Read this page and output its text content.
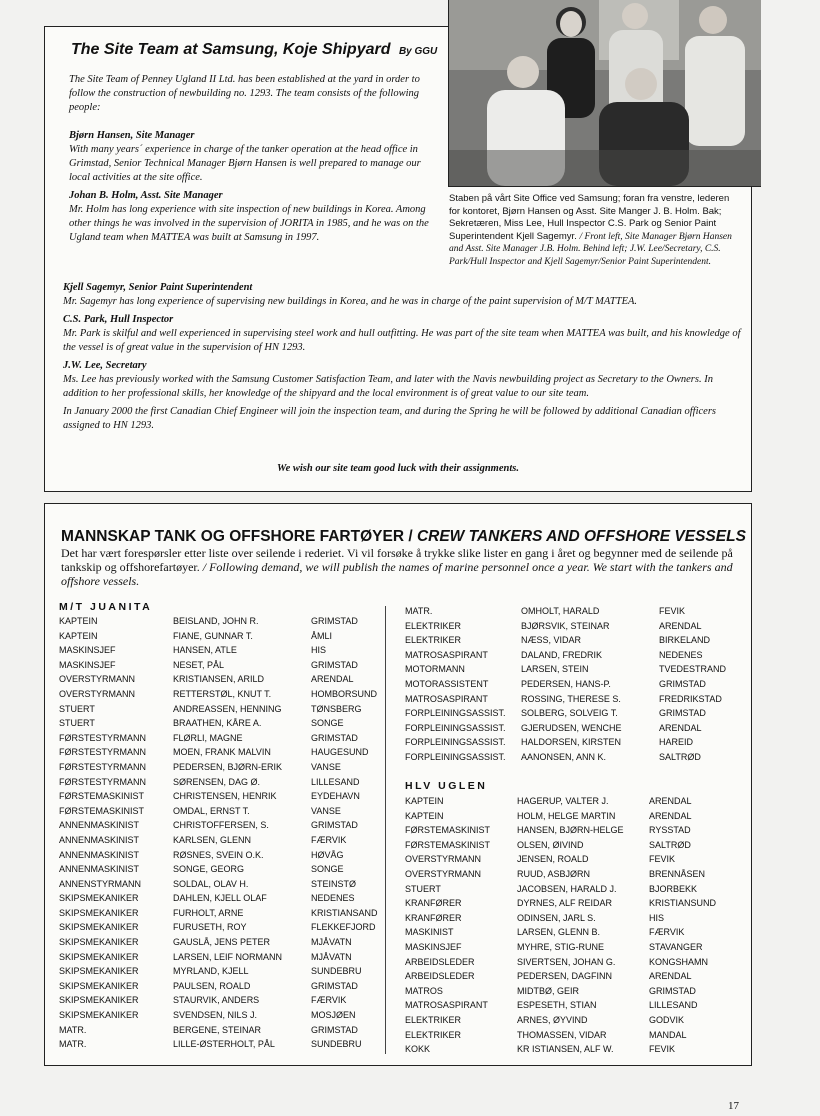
The Site Team at Samsung, Koje Shipyard By GGU
The Site Team of Penney Ugland II Ltd. has been established at the yard in order to follow the construction of newbuilding no. 1293. The team consists of the following people:
Bjørn Hansen, Site Manager
With many years´ experience in charge of the tanker operation at the head office in Grimstad, Senior Technical Manager Bjørn Hansen is well prepared to manage our local activities at the site office.
Johan B. Holm, Asst. Site Manager
Mr. Holm has long experience with site inspection of new buildings in Korea. Among other things he was involved in the supervision of JORITA in 1985, and he was on the Ugland team when MATTEA was built at Samsung in 1997.
Kjell Sagemyr, Senior Paint Superintendent
Mr. Sagemyr has long experience of supervising new buildings in Korea, and he was in charge of the paint supervision of M/T MATTEA.
C.S. Park, Hull Inspector
Mr. Park is skilful and well experienced in supervising steel work and hull outfitting. He was part of the site team when MATTEA was built, and his knowledge of the vessel is of great value in the supervision of HN 1293.
J.W. Lee, Secretary
Ms. Lee has previously worked with the Samsung Customer Satisfaction Team, and later with the Navis newbuilding project as Secretary to the Owners. In addition to her professional skills, her knowledge of the shipyard and the local environment is of great value to our site team.
In January 2000 the first Canadian Chief Engineer will join the inspection team, and during the Spring he will be followed by additional Canadian officers assigned to HN 1293.
We wish our site team good luck with their assignments.
Staben på vårt Site Office ved Samsung; foran fra venstre, lederen for kontoret, Bjørn Hansen og Asst. Site Manger J. B. Holm. Bak; Sekretæren, Miss Lee, Hull Inspector C.S. Park og Senior Paint Superintendent Kjell Sagemyr. / Front left, Site Manager Bjørn Hansen and Asst. Site Manager J.B. Holm. Behind left; J.W. Lee/Secretary, C.S. Park/Hull Inspector and Kjell Sagemyr/Senior Paint Superintendent.
MANNSKAP TANK OG OFFSHORE FARTØYER / CREW TANKERS AND OFFSHORE VESSELS
Det har vært forespørsler etter liste over seilende i rederiet. Vi vil forsøke å trykke slike lister en gang i året og begynner med de seilende på tankskip og offshorefartøyer. / Following demand, we will publish the names of marine personnel once a year. We start with the tankers and offshore vessels.
M/T JUANITA
KAPTEIN
KAPTEIN
MASKINSJEF
MASKINSJEF
OVERSTYRMANN
OVERSTYRMANN
STUERT
STUERT
FØRSTESTYRMANN
FØRSTESTYRMANN
FØRSTESTYRMANN
FØRSTESTYRMANN
FØRSTEMASKINIST
FØRSTEMASKINIST
ANNENMASKINIST
ANNENMASKINIST
ANNENMASKINIST
ANNENMASKINIST
ANNENSTYRMANN
SKIPSMEKANIKER
SKIPSMEKANIKER
SKIPSMEKANIKER
SKIPSMEKANIKER
SKIPSMEKANIKER
SKIPSMEKANIKER
SKIPSMEKANIKER
SKIPSMEKANIKER
SKIPSMEKANIKER
MATR.
MATR.
BEISLAND, JOHN R.
FIANE, GUNNAR T.
HANSEN, ATLE
NESET, PÅL
KRISTIANSEN, ARILD
RETTERSTØL, KNUT T.
ANDREASSEN, HENNING
BRAATHEN, KÅRE A.
FLØRLI, MAGNE
MOEN, FRANK MALVIN
PEDERSEN, BJØRN-ERIK
SØRENSEN, DAG Ø.
CHRISTENSEN, HENRIK
OMDAL, ERNST T.
CHRISTOFFERSEN, S.
KARLSEN, GLENN
RØSNES, SVEIN O.K.
SONGE, GEORG
SOLDAL, OLAV H.
DAHLEN, KJELL OLAF
FURHOLT, ARNE
FURUSETH, ROY
GAUSLÅ, JENS PETER
LARSEN, LEIF NORMANN
MYRLAND, KJELL
PAULSEN, ROALD
STAURVIK, ANDERS
SVENDSEN, NILS J.
BERGENE, STEINAR
LILLE-ØSTERHOLT, PÅL
GRIMSTAD
ÅMLI
HIS
GRIMSTAD
ARENDAL
HOMBORSUND
TØNSBERG
SONGE
GRIMSTAD
HAUGESUND
VANSE
LILLESAND
EYDEHAVN
VANSE
GRIMSTAD
FÆRVIK
HØVÅG
SONGE
STEINSTØ
NEDENES
KRISTIANSAND
FLEKKEFJORD
MJÅVATN
MJÅVATN
SUNDEBRU
GRIMSTAD
FÆRVIK
MOSJØEN
GRIMSTAD
SUNDEBRU
MATR.
ELEKTRIKER
ELEKTRIKER
MATROSASPIRANT
MOTORMANN
MOTORASSISTENT
MATROSASPIRANT
FORPLEININGSASSIST.
FORPLEININGSASSIST.
FORPLEININGSASSIST.
FORPLEININGSASSIST.
OMHOLT, HARALD
BJØRSVIK, STEINAR
NÆSS, VIDAR
DALAND, FREDRIK
LARSEN, STEIN
PEDERSEN, HANS-P.
ROSSING, THERESE S.
SOLBERG, SOLVEIG T.
GJERUDSEN, WENCHE
HALDORSEN, KIRSTEN
AANONSEN, ANN K.
FEVIK
ARENDAL
BIRKELAND
NEDENES
TVEDESTRAND
GRIMSTAD
FREDRIKSTAD
GRIMSTAD
ARENDAL
HAREID
SALTRØD
HLV UGLEN
KAPTEIN
KAPTEIN
FØRSTEMASKINIST
FØRSTEMASKINIST
OVERSTYRMANN
OVERSTYRMANN
STUERT
KRANFØRER
KRANFØRER
MASKINIST
MASKINSJEF
ARBEIDSLEDER
ARBEIDSLEDER
MATROS
MATROSASPIRANT
ELEKTRIKER
ELEKTRIKER
KOKK
HAGERUP, VALTER J.
HOLM, HELGE MARTIN
HANSEN, BJØRN-HELGE
OLSEN, ØIVIND
JENSEN, ROALD
RUUD, ASBJØRN
JACOBSEN, HARALD J.
DYRNES, ALF REIDAR
ODINSEN, JARL S.
LARSEN, GLENN B.
MYHRE, STIG-RUNE
SIVERTSEN, JOHAN G.
PEDERSEN, DAGFINN
MIDTBØ, GEIR
ESPESETH, STIAN
ARNES, ØYVIND
THOMASSEN, VIDAR
KR ISTIANSEN, ALF W.
ARENDAL
ARENDAL
RYSSTAD
SALTRØD
FEVIK
BRENNÅSEN
BJORBEKK
KRISTIANSUND
HIS
FÆRVIK
STAVANGER
KONGSHAMN
ARENDAL
GRIMSTAD
LILLESAND
GODVIK
MANDAL
FEVIK
17
